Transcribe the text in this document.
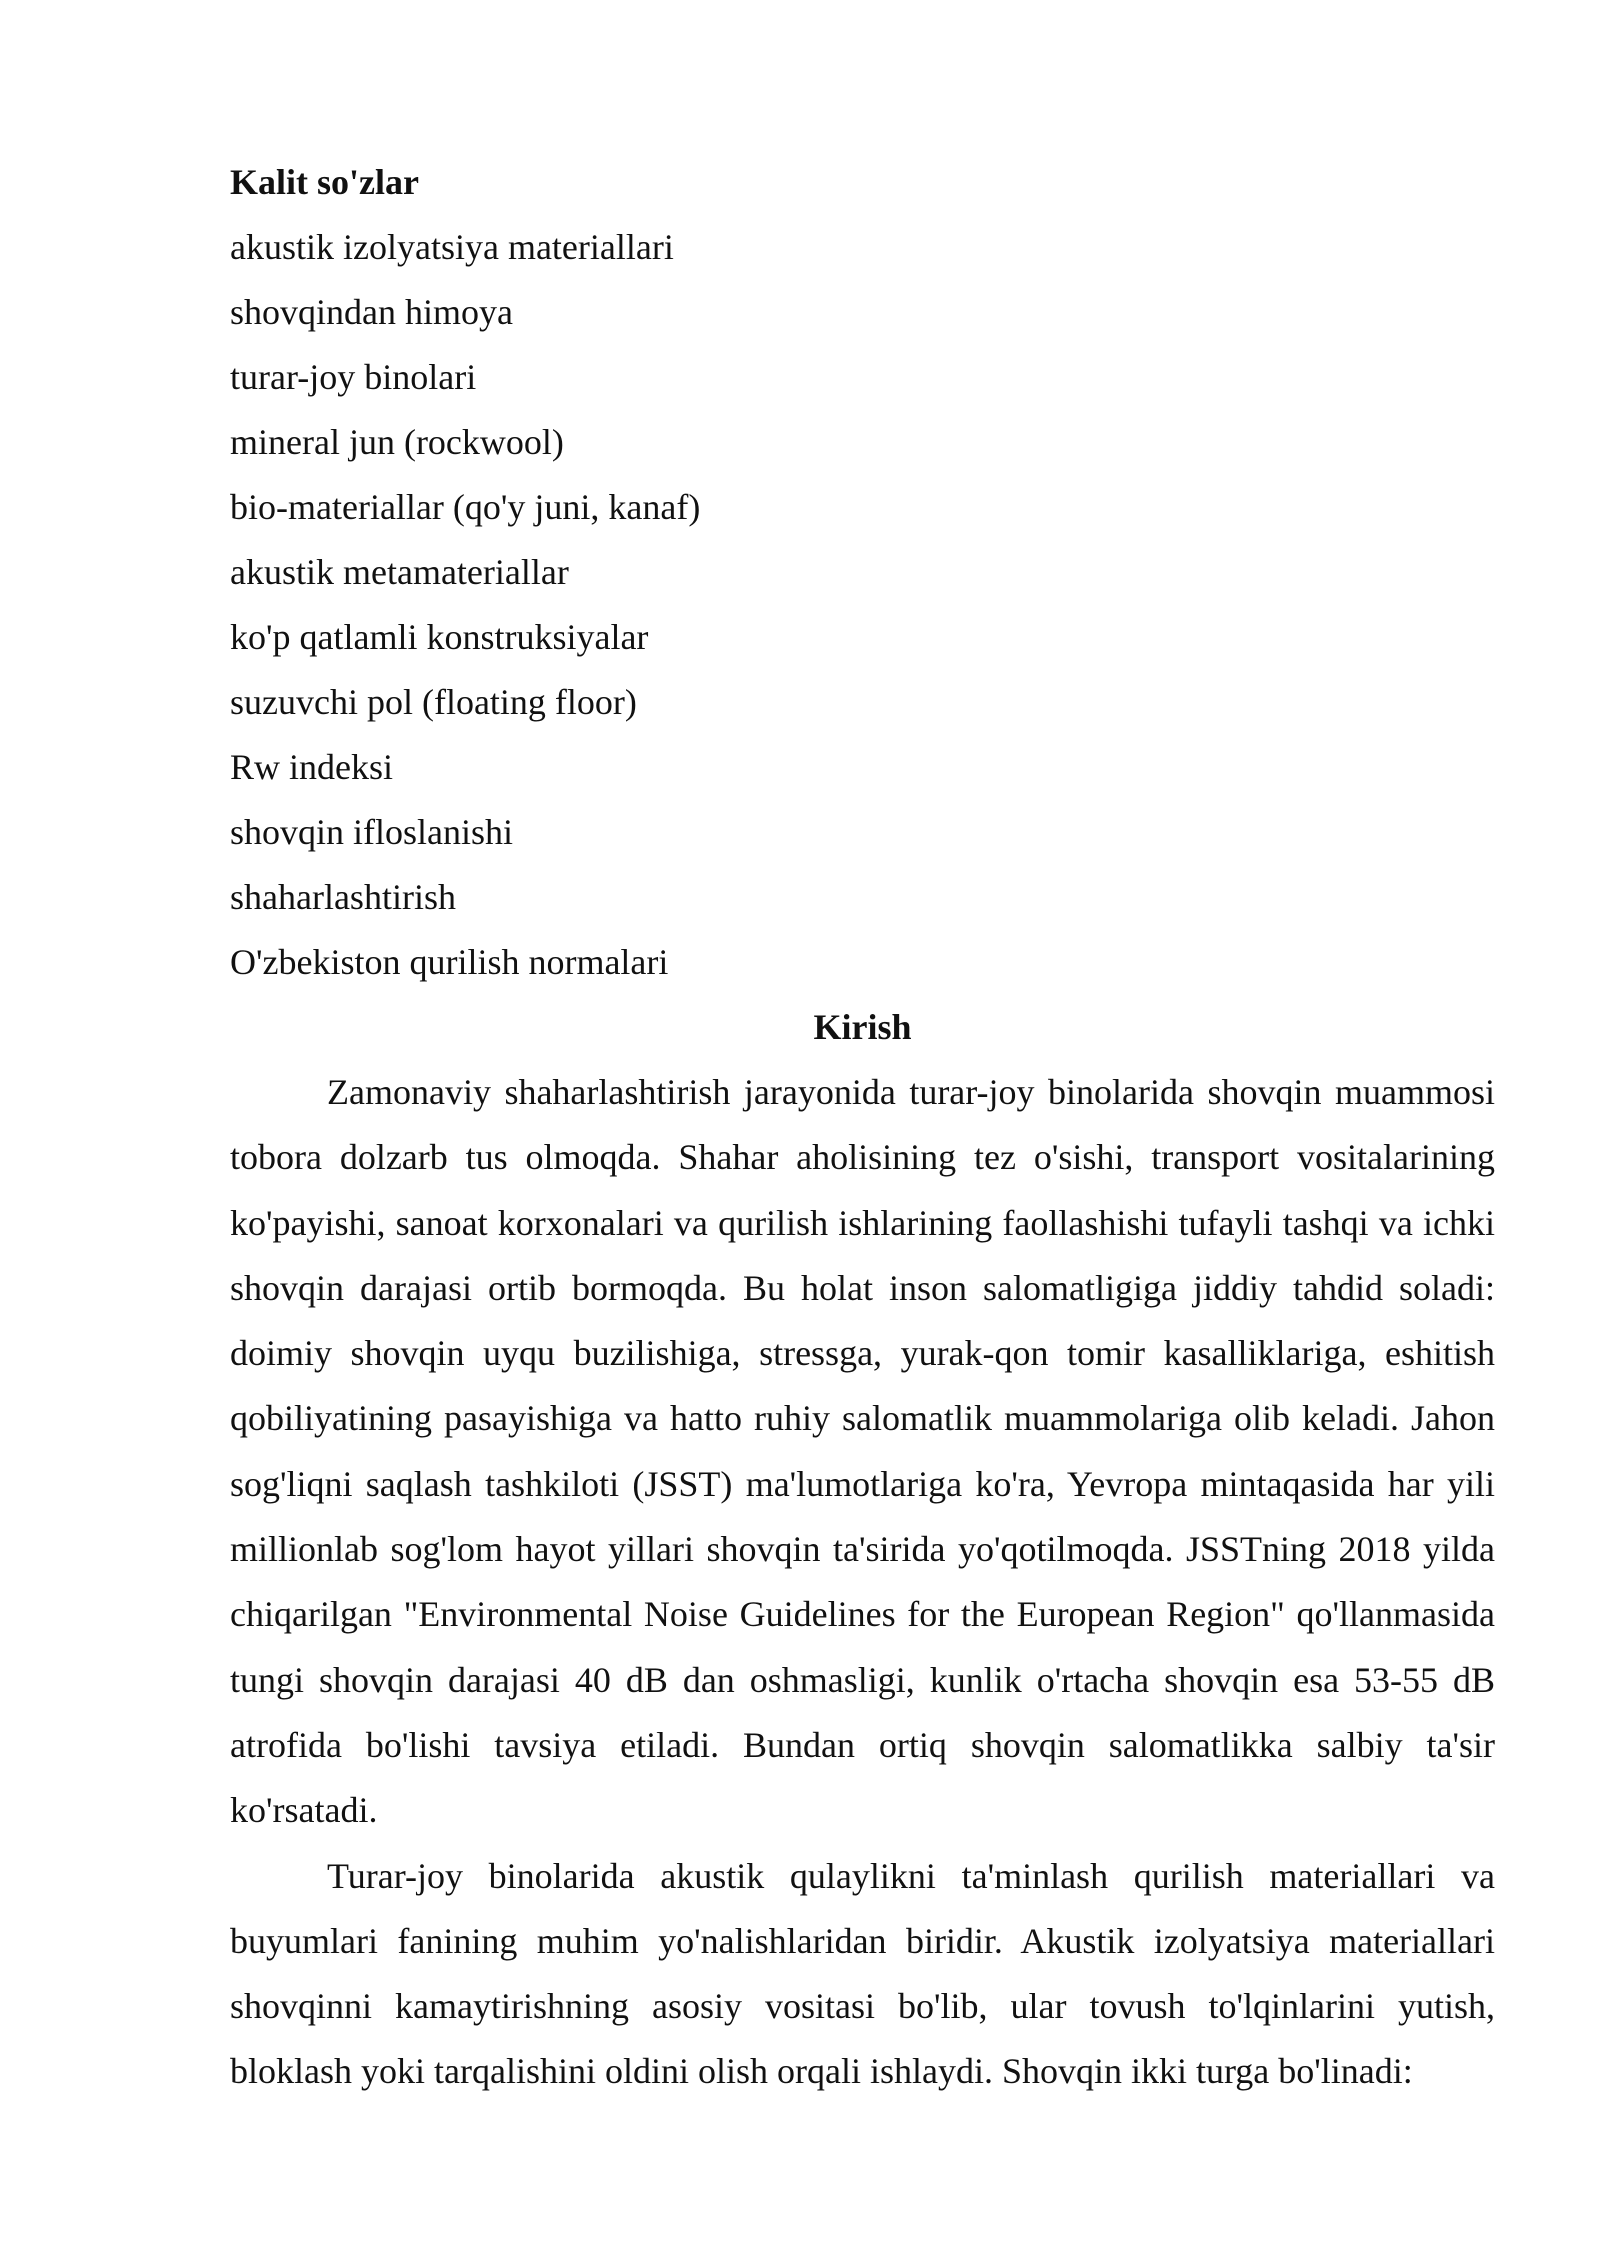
Kalit so'zlar
akustik izolyatsiya materiallari
shovqindan himoya
turar-joy binolari
mineral jun (rockwool)
bio-materiallar (qo'y juni, kanaf)
akustik metamateriallar
ko'p qatlamli konstruksiyalar
suzuvchi pol (floating floor)
Rw indeksi
shovqin ifloslanishi
shaharlashtirish
O'zbekiston qurilish normalari
Kirish

Zamonaviy shaharlashtirish jarayonida turar-joy binolarida shovqin muammosi tobora dolzarb tus olmoqda. Shahar aholisining tez o'sishi, transport vositalarining ko'payishi, sanoat korxonalari va qurilish ishlarining faollashishi tufayli tashqi va ichki shovqin darajasi ortib bormoqda. Bu holat inson salomatligiga jiddiy tahdid soladi: doimiy shovqin uyqu buzilishiga, stressga, yurak-qon tomir kasalliklariga, eshitish qobiliyatining pasayishiga va hatto ruhiy salomatlik muammolariga olib keladi. Jahon sog'liqni saqlash tashkiloti (JSST) ma'lumotlariga ko'ra, Yevropa mintaqasida har yili millionlab sog'lom hayot yillari shovqin ta'sirida yo'qotilmoqda. JSSTning 2018 yilda chiqarilgan "Environmental Noise Guidelines for the European Region" qo'llanmasida tungi shovqin darajasi 40 dB dan oshmasligi, kunlik o'rtacha shovqin esa 53-55 dB atrofida bo'lishi tavsiya etiladi. Bundan ortiq shovqin salomatlikka salbiy ta'sir ko'rsatadi.

Turar-joy binolarida akustik qulaylikni ta'minlash qurilish materiallari va buyumlari fanining muhim yo'nalishlaridan biridir. Akustik izolyatsiya materiallari shovqinni kamaytirishning asosiy vositasi bo'lib, ular tovush to'lqinlarini yutish, bloklash yoki tarqalishini oldini olish orqali ishlaydi. Shovqin ikki turga bo'linadi:
